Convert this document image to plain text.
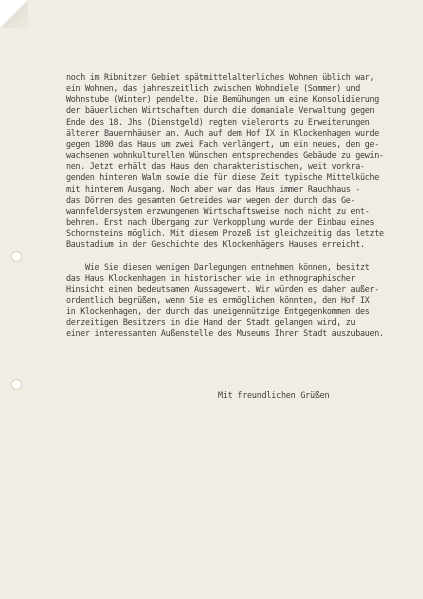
noch im Ribnitzer Gebiet spätmittelalterliches Wohnen üblich war,
ein Wohnen, das jahreszeitlich zwischen Wohndiele (Sommer) und
Wohnstube (Winter) pendelte. Die Bemühungen um eine Konsolidierung
der bäuerlichen Wirtschaften durch die domaniale Verwaltung gegen
Ende des 18. Jhs (Dienstgeld) regten vielerorts zu Erweiterungen
älterer Bauernhäuser an. Auch auf dem Hof IX in Klockenhagen wurde
gegen 1800 das Haus um zwei Fach verlängert, um ein neues, den ge-
wachsenen wohnkulturellen Wünschen entsprechendes Gebäude zu gewin-
nen. Jetzt erhält das Haus den charakteristischen, weit vorkra-
genden hinteren Walm sowie die für diese Zeit typische Mittelküche
mit hinterem Ausgang. Noch aber war das Haus immer Rauchhaus -
das Dörren des gesamten Getreides war wegen der durch das Ge-
wannfeldersystem erzwungenen Wirtschaftsweise noch nicht zu ent-
behren. Erst nach Übergang zur Verkopplung wurde der Einbau eines
Schornsteins möglich. Mit diesem Prozeß ist gleichzeitig das letzte
Baustadium in der Geschichte des Klockenhägers Hauses erreicht.
Wie Sie diesen wenigen Darlegungen entnehmen können, besitzt
das Haus Klockenhagen in historischer wie in ethnographischer
Hinsicht einen bedeutsamen Aussagewert. Wir würden es daher außer-
ordentlich begrüßen, wenn Sie es ermöglichen könnten, den Hof IX
in Klockenhagen, der durch das uneigennützige Entgegenkommen des
derzeitigen Besitzers in die Hand der Stadt gelangen wird, zu
einer interessanten Außenstelle des Museums Ihrer Stadt auszubauen.
Mit freundlichen Grüßen
